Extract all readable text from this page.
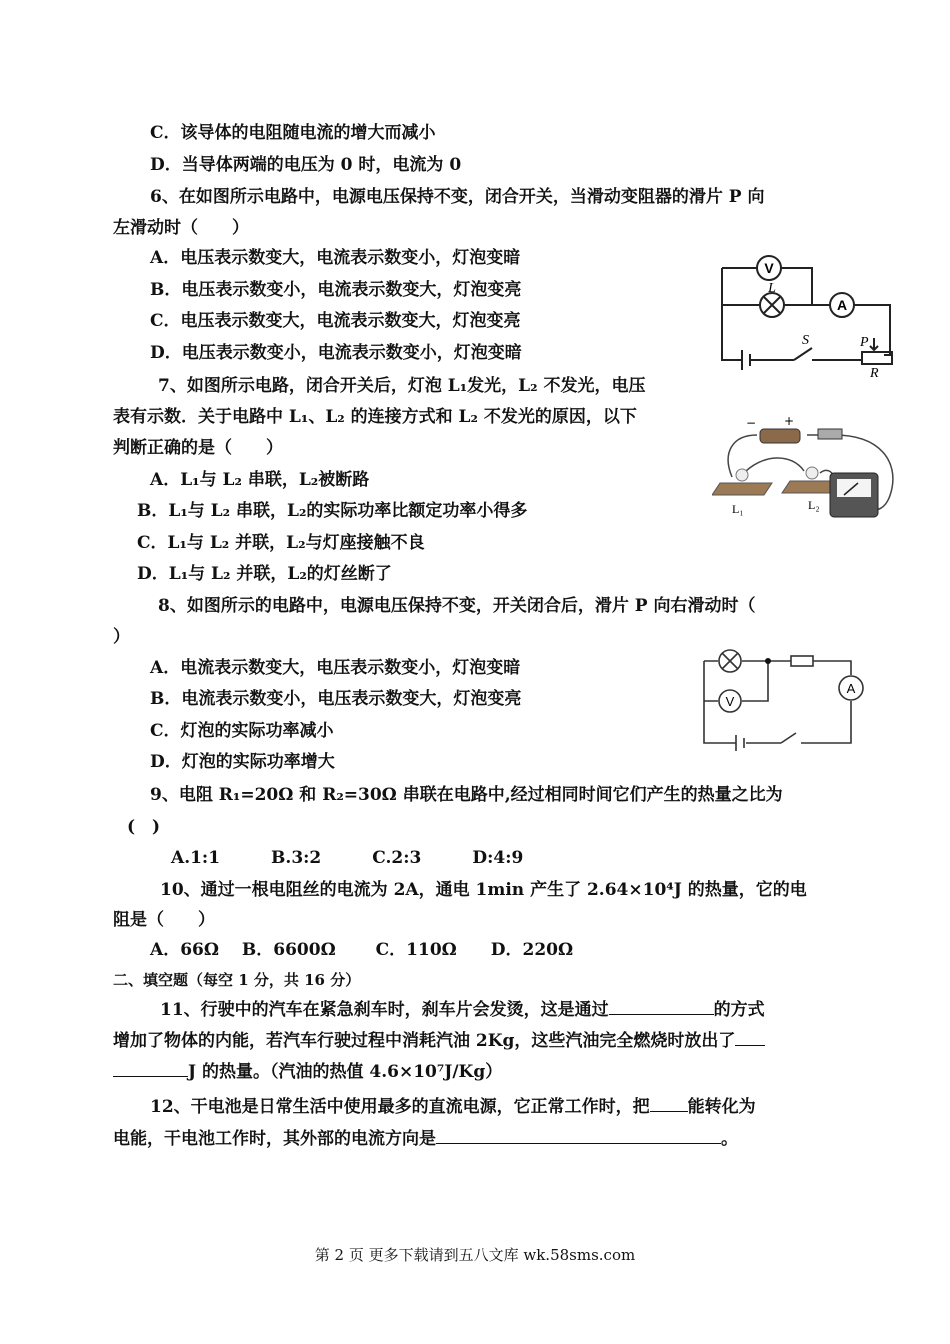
C．该导体的电阻随电流的增大而减小
D．当导体两端的电压为 0 时，电流为 0
6、在如图所示电路中，电源电压保持不变，闭合开关，当滑动变阻器的滑片 P 向
左滑动时（　　）
A．电压表示数变大，电流表示数变小，灯泡变暗
B．电压表示数变小，电流表示数变大，灯泡变亮
C．电压表示数变大，电流表示数变大，灯泡变亮
D．电压表示数变小，电流表示数变小，灯泡变暗
V
L
A
S	P
R
7、如图所示电路，闭合开关后，灯泡 L₁发光，L₂ 不发光，电压
表有示数．关于电路中 L₁、L₂ 的连接方式和 L₂ 不发光的原因，以下
判断正确的是（　　）
A．L₁与 L₂ 串联，L₂被断路
B．L₁与 L₂ 串联，L₂的实际功率比额定功率小得多
C．L₁与 L₂ 并联，L₂与灯座接触不良
D．L₁与 L₂ 并联，L₂的灯丝断了
− +
L₁	L₂
8、如图所示的电路中，电源电压保持不变，开关闭合后，滑片 P 向右滑动时（
）
A．电流表示数变大，电压表示数变小，灯泡变暗
B．电流表示数变小，电压表示数变大，灯泡变亮
C．灯泡的实际功率减小
D．灯泡的实际功率增大
V
A
9、电阻 R₁=20Ω 和 R₂=30Ω 串联在电路中,经过相同时间它们产生的热量之比为
(　)
A.1:1　　　B.3:2　　　C.2:3　　　D:4:9
10、通过一根电阻丝的电流为 2A，通电 1min 产生了 2.64×10⁴J 的热量，它的电
阻是（　　）
A．66Ω　 B．6600Ω　　 C．110Ω　　D．220Ω
二、填空题（每空 1 分，共 16 分）
11、行驶中的汽车在紧急刹车时，刹车片会发烫，这是通过	的方式
增加了物体的内能，若汽车行驶过程中消耗汽油 2Kg，这些汽油完全燃烧时放出了
J 的热量。（汽油的热值 4.6×10⁷J/Kg）
12、干电池是日常生活中使用最多的直流电源，它正常工作时，把 能转化为
电能，干电池工作时，其外部的电流方向是	。
第 2 页 更多下载请到五八文库 wk.58sms.com
